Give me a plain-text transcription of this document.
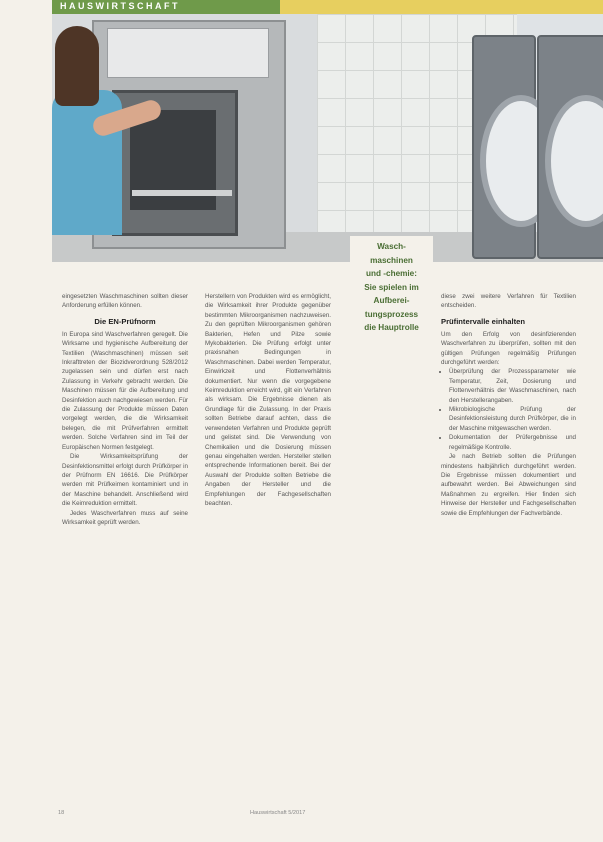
HAUSWIRTSCHAFT
Wasch-
maschinen
und -chemie:
Sie spielen im
Aufberei-
tungsprozess
die Hauptrolle

eingesetzten Waschmaschinen sollten dieser Anforderung erfüllen können.

Die EN-Prüfnorm

In Europa sind Waschverfahren geregelt. Die Wirksame und hygienische Aufbereitung der Textilien (Waschmaschinen) müssen seit Inkrafttreten der Biozidverordnung 528/2012 zugelassen sein und dürfen erst nach Zulassung in Verkehr gebracht werden. Die Maschinen müssen für die Aufbereitung und Desinfektion auch nachgewiesen werden. Für die Zulassung der Produkte müssen Daten vorgelegt werden, die die Wirksamkeit belegen, die mit Prüfverfahren ermittelt werden. Solche Verfahren sind im Teil der Europäischen Normen festgelegt.

Die Wirksamkeitsprüfung der Desinfektionsmittel erfolgt durch Prüfkörper in der Prüfnorm EN 16616. Die Prüfkörper werden mit Prüfkeimen kontaminiert und in der Maschine behandelt. Anschließend wird die Keimreduktion ermittelt.

Jedes Waschverfahren muss auf seine Wirksamkeit geprüft werden.

Herstellern von Produkten wird es ermöglicht, die Wirksamkeit ihrer Produkte gegenüber bestimmten Mikroorganismen nachzuweisen. Zu den geprüften Mikroorganismen gehören Bakterien, Hefen und Pilze sowie Mykobakterien. Die Prüfung erfolgt unter praxisnahen Bedingungen in Waschmaschinen. Dabei werden Temperatur, Einwirkzeit und Flottenverhältnis dokumentiert. Nur wenn die vorgegebene Keimreduktion erreicht wird, gilt ein Verfahren als wirksam. Die Ergebnisse dienen als Grundlage für die Zulassung. In der Praxis sollten Betriebe darauf achten, dass die verwendeten Verfahren und Produkte geprüft und gelistet sind. Die Verwendung von Chemikalien und die Dosierung müssen genau eingehalten werden. Hersteller stellen entsprechende Informationen bereit. Bei der Auswahl der Produkte sollten Betriebe die Angaben der Hersteller und die Empfehlungen der Fachgesellschaften beachten.

diese zwei weitere Verfahren für Textilien entscheiden.

Prüfintervalle einhalten

Um den Erfolg von desinfizierenden Waschverfahren zu überprüfen, sollten mit den gültigen Prüfungen regelmäßig Prüfungen durchgeführt werden:

• Überprüfung der Prozessparameter wie Temperatur, Zeit, Dosierung und Flottenverhältnis der Waschmaschinen, nach den Herstellerangaben.
• Mikrobiologische Prüfung der Desinfektionsleistung durch Prüfkörper, die in der Maschine mitgewaschen werden.
• Dokumentation der Prüfergebnisse und regelmäßige Kontrolle.

Je nach Betrieb sollten die Prüfungen mindestens halbjährlich durchgeführt werden. Die Ergebnisse müssen dokumentiert und aufbewahrt werden. Bei Abweichungen sind Maßnahmen zu ergreifen. Hier finden sich Hinweise der Hersteller und Fachgesellschaften sowie die Empfehlungen der Fachverbände.

18	Hauswirtschaft 5/2017
